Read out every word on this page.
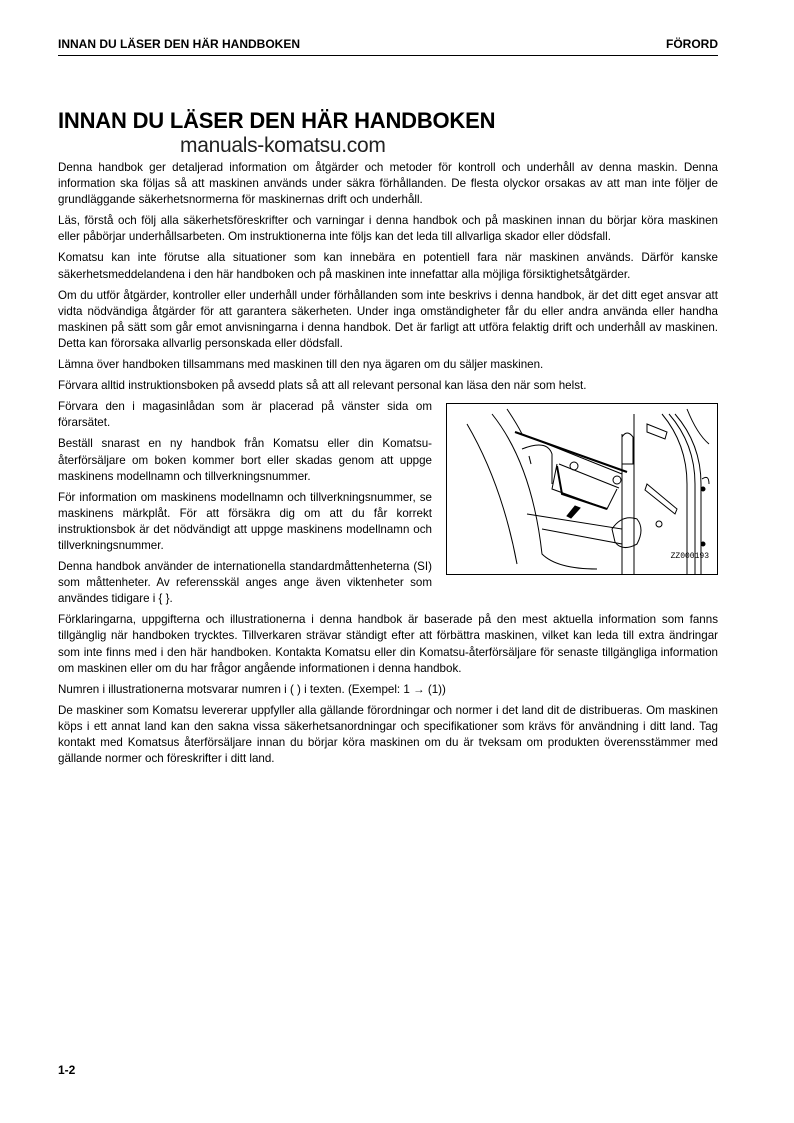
INNAN DU LÄSER DEN HÄR HANDBOKEN	FÖRORD
INNAN DU LÄSER DEN HÄR HANDBOKEN
manuals-komatsu.com

Denna handbok ger detaljerad information om åtgärder och metoder för kontroll och underhåll av denna maskin. Denna information ska följas så att maskinen används under säkra förhållanden. De flesta olyckor orsakas av att man inte följer de grundläggande säkerhetsnormerna för maskinernas drift och underhåll.

Läs, förstå och följ alla säkerhetsföreskrifter och varningar i denna handbok och på maskinen innan du börjar köra maskinen eller påbörjar underhållsarbeten. Om instruktionerna inte följs kan det leda till allvarliga skador eller dödsfall.

Komatsu kan inte förutse alla situationer som kan innebära en potentiell fara när maskinen används. Därför kanske säkerhetsmeddelandena i den här handboken och på maskinen inte innefattar alla möjliga försiktighetsåtgärder.

Om du utför åtgärder, kontroller eller underhåll under förhållanden som inte beskrivs i denna handbok, är det ditt eget ansvar att vidta nödvändiga åtgärder för att garantera säkerheten. Under inga omständigheter får du eller andra använda eller handha maskinen på sätt som går emot anvisningarna i denna handbok. Det är farligt att utföra felaktig drift och underhåll av maskinen. Detta kan förorsaka allvarlig personskada eller dödsfall.

Lämna över handboken tillsammans med maskinen till den nya ägaren om du säljer maskinen.

Förvara alltid instruktionsboken på avsedd plats så att all relevant personal kan läsa den när som helst.

Förvara den i magasinlådan som är placerad på vänster sida om förarsätet.

Beställ snarast en ny handbok från Komatsu eller din Komatsu-återförsäljare om boken kommer bort eller skadas genom att uppge maskinens modellnamn och tillverkningsnummer.

För information om maskinens modellnamn och tillverkningsnummer, se maskinens märkplåt. För att försäkra dig om att du får korrekt instruktionsbok är det nödvändigt att uppge maskinens modellnamn och tillverkningsnummer.

Denna handbok använder de internationella standardmåttenheterna (SI) som måttenheter. Av referensskäl anges ange även viktenheter som användes tidigare i { }.

ZZ000193

Förklaringarna, uppgifterna och illustrationerna i denna handbok är baserade på den mest aktuella information som fanns tillgänglig när handboken trycktes. Tillverkaren strävar ständigt efter att förbättra maskinen, vilket kan leda till extra ändringar som inte finns med i den här handboken. Kontakta Komatsu eller din Komatsu-återförsäljare för senaste tillgängliga information om maskinen eller om du har frågor angående informationen i denna handbok.

Numren i illustrationerna motsvarar numren i ( ) i texten. (Exempel: 1 → (1))

De maskiner som Komatsu levererar uppfyller alla gällande förordningar och normer i det land dit de distribueras. Om maskinen köps i ett annat land kan den sakna vissa säkerhetsanordningar och specifikationer som krävs för användning i ditt land. Tag kontakt med Komatsus återförsäljare innan du börjar köra maskinen om du är tveksam om produkten överensstämmer med gällande normer och föreskrifter i ditt land.

1-2
